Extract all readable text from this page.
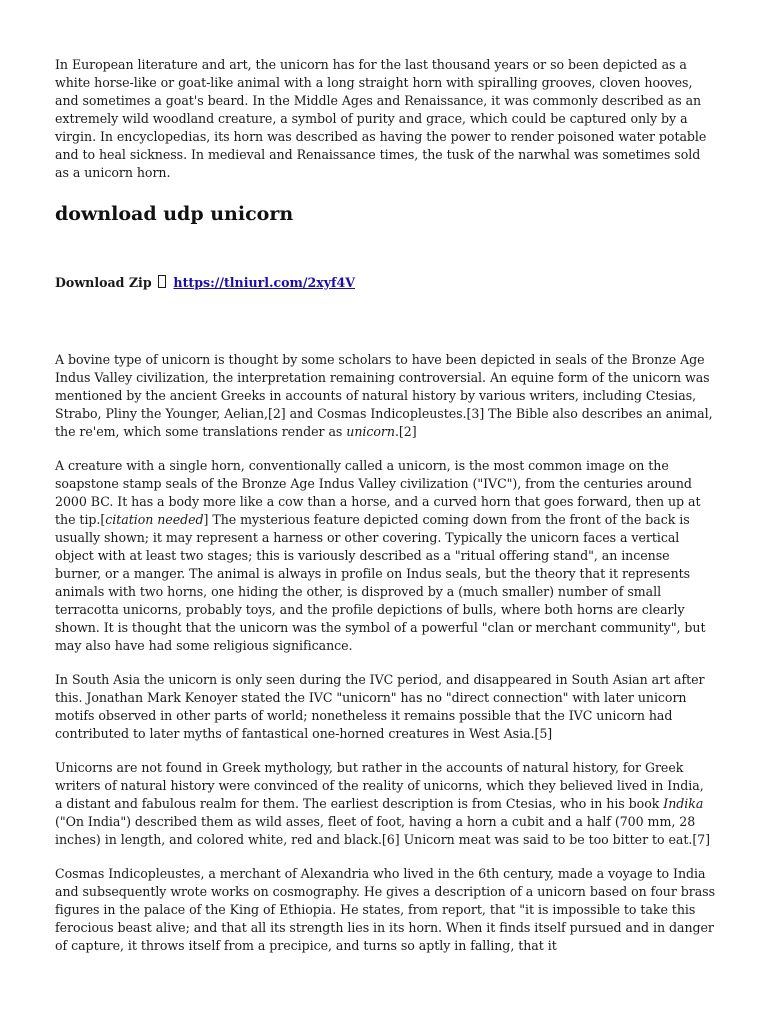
In European literature and art, the unicorn has for the last thousand years or so been depicted as a white horse-like or goat-like animal with a long straight horn with spiralling grooves, cloven hooves, and sometimes a goat's beard. In the Middle Ages and Renaissance, it was commonly described as an extremely wild woodland creature, a symbol of purity and grace, which could be captured only by a virgin. In encyclopedias, its horn was described as having the power to render poisoned water potable and to heal sickness. In medieval and Renaissance times, the tusk of the narwhal was sometimes sold as a unicorn horn.

download udp unicorn
Download Zip https://tlniurl.com/2xyf4V

A bovine type of unicorn is thought by some scholars to have been depicted in seals of the Bronze Age Indus Valley civilization, the interpretation remaining controversial. An equine form of the unicorn was mentioned by the ancient Greeks in accounts of natural history by various writers, including Ctesias, Strabo, Pliny the Younger, Aelian,[2] and Cosmas Indicopleustes.[3] The Bible also describes an animal, the re'em, which some translations render as unicorn.[2]

A creature with a single horn, conventionally called a unicorn, is the most common image on the soapstone stamp seals of the Bronze Age Indus Valley civilization ("IVC"), from the centuries around 2000 BC. It has a body more like a cow than a horse, and a curved horn that goes forward, then up at the tip.[citation needed] The mysterious feature depicted coming down from the front of the back is usually shown; it may represent a harness or other covering. Typically the unicorn faces a vertical object with at least two stages; this is variously described as a "ritual offering stand", an incense burner, or a manger. The animal is always in profile on Indus seals, but the theory that it represents animals with two horns, one hiding the other, is disproved by a (much smaller) number of small terracotta unicorns, probably toys, and the profile depictions of bulls, where both horns are clearly shown. It is thought that the unicorn was the symbol of a powerful "clan or merchant community", but may also have had some religious significance.

In South Asia the unicorn is only seen during the IVC period, and disappeared in South Asian art after this. Jonathan Mark Kenoyer stated the IVC "unicorn" has no "direct connection" with later unicorn motifs observed in other parts of world; nonetheless it remains possible that the IVC unicorn had contributed to later myths of fantastical one-horned creatures in West Asia.[5]

Unicorns are not found in Greek mythology, but rather in the accounts of natural history, for Greek writers of natural history were convinced of the reality of unicorns, which they believed lived in India, a distant and fabulous realm for them. The earliest description is from Ctesias, who in his book Indika ("On India") described them as wild asses, fleet of foot, having a horn a cubit and a half (700 mm, 28 inches) in length, and colored white, red and black.[6] Unicorn meat was said to be too bitter to eat.[7]

Cosmas Indicopleustes, a merchant of Alexandria who lived in the 6th century, made a voyage to India and subsequently wrote works on cosmography. He gives a description of a unicorn based on four brass figures in the palace of the King of Ethiopia. He states, from report, that "it is impossible to take this ferocious beast alive; and that all its strength lies in its horn. When it finds itself pursued and in danger of capture, it throws itself from a precipice, and turns so aptly in falling, that it
